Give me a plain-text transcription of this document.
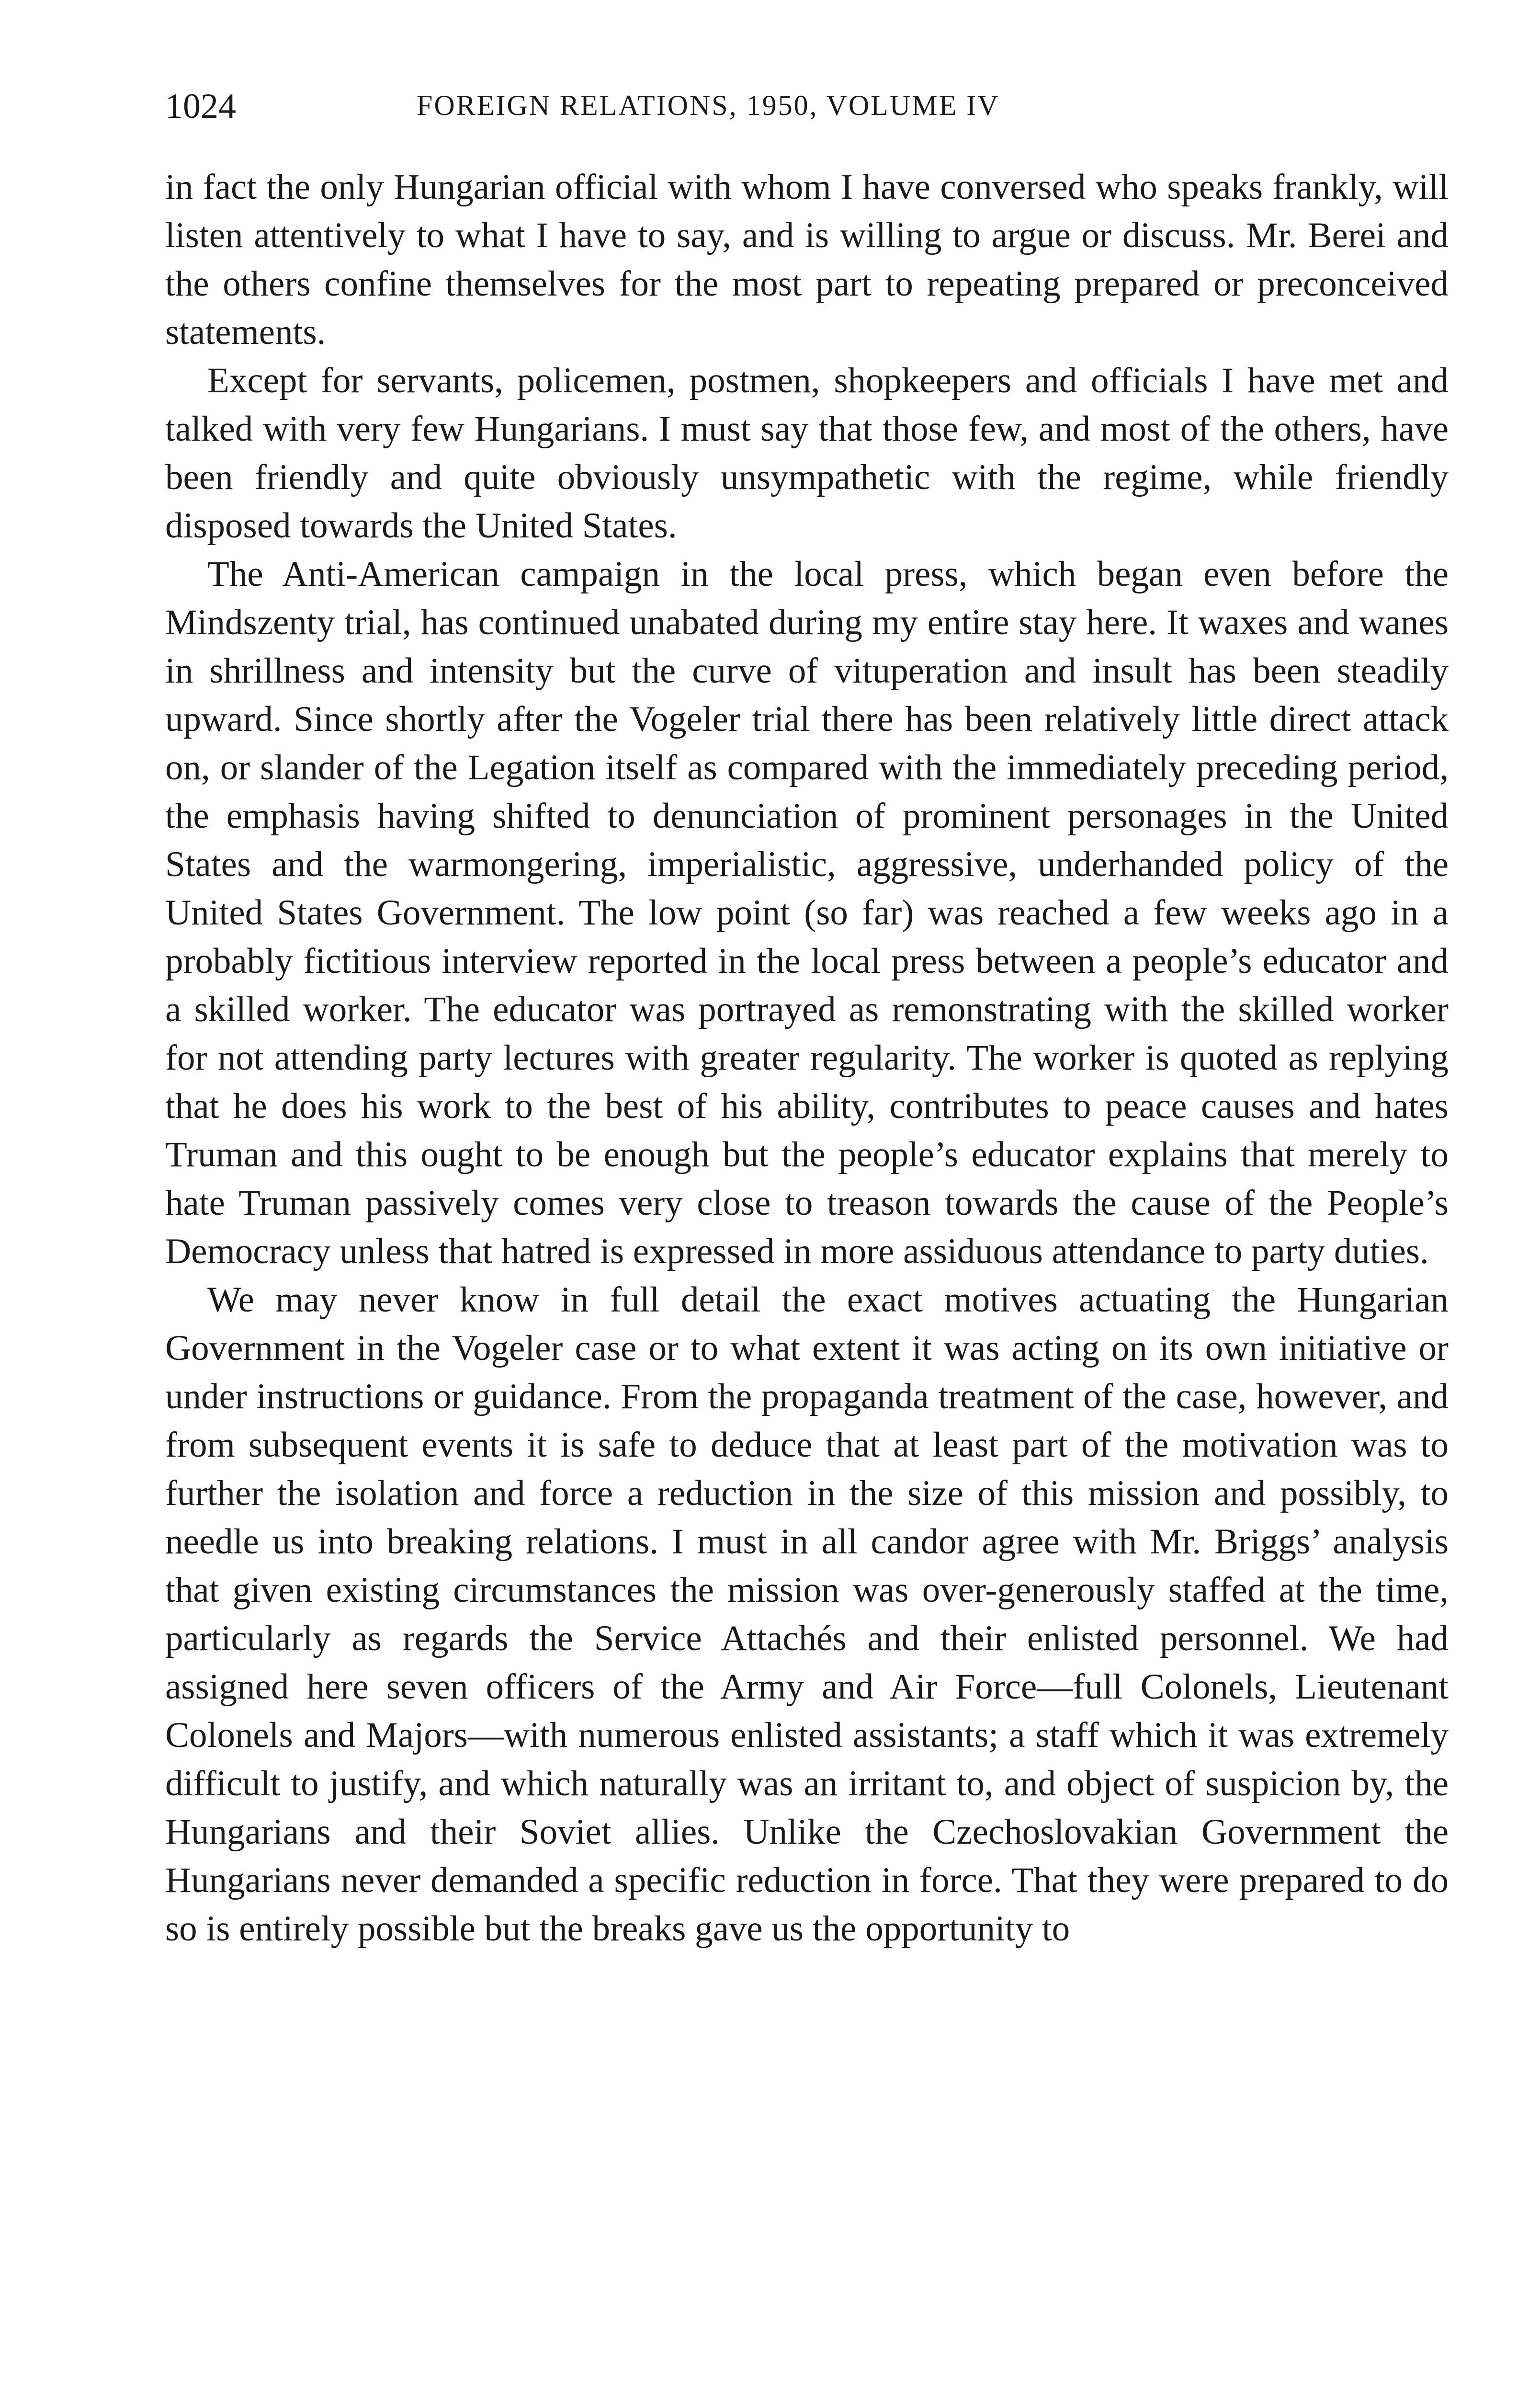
1024	FOREIGN RELATIONS, 1950, VOLUME IV

in fact the only Hungarian official with whom I have conversed who speaks frankly, will listen attentively to what I have to say, and is willing to argue or discuss. Mr. Berei and the others confine themselves for the most part to repeating prepared or preconceived statements.

Except for servants, policemen, postmen, shopkeepers and officials I have met and talked with very few Hungarians. I must say that those few, and most of the others, have been friendly and quite obviously unsympathetic with the regime, while friendly disposed towards the United States.

The Anti-American campaign in the local press, which began even before the Mindszenty trial, has continued unabated during my entire stay here. It waxes and wanes in shrillness and intensity but the curve of vituperation and insult has been steadily upward. Since shortly after the Vogeler trial there has been relatively little direct attack on, or slander of the Legation itself as compared with the immediately preceding period, the emphasis having shifted to denunciation of prominent personages in the United States and the warmongering, imperialistic, aggressive, underhanded policy of the United States Government. The low point (so far) was reached a few weeks ago in a probably fictitious interview reported in the local press between a people’s educator and a skilled worker. The educator was portrayed as remonstrating with the skilled worker for not attending party lectures with greater regularity. The worker is quoted as replying that he does his work to the best of his ability, contributes to peace causes and hates Truman and this ought to be enough but the people’s educator explains that merely to hate Truman passively comes very close to treason towards the cause of the People’s Democracy unless that hatred is expressed in more assiduous attendance to party duties.

We may never know in full detail the exact motives actuating the Hungarian Government in the Vogeler case or to what extent it was acting on its own initiative or under instructions or guidance. From the propaganda treatment of the case, however, and from subsequent events it is safe to deduce that at least part of the motivation was to further the isolation and force a reduction in the size of this mission and possibly, to needle us into breaking relations. I must in all candor agree with Mr. Briggs’ analysis that given existing circumstances the mission was over-generously staffed at the time, particularly as regards the Service Attachés and their enlisted personnel. We had assigned here seven officers of the Army and Air Force—full Colonels, Lieutenant Colonels and Majors—with numerous enlisted assistants; a staff which it was extremely difficult to justify, and which naturally was an irritant to, and object of suspicion by, the Hungarians and their Soviet allies. Unlike the Czechoslovakian Government the Hungarians never demanded a specific reduction in force. That they were prepared to do so is entirely possible but the breaks gave us the opportunity to
